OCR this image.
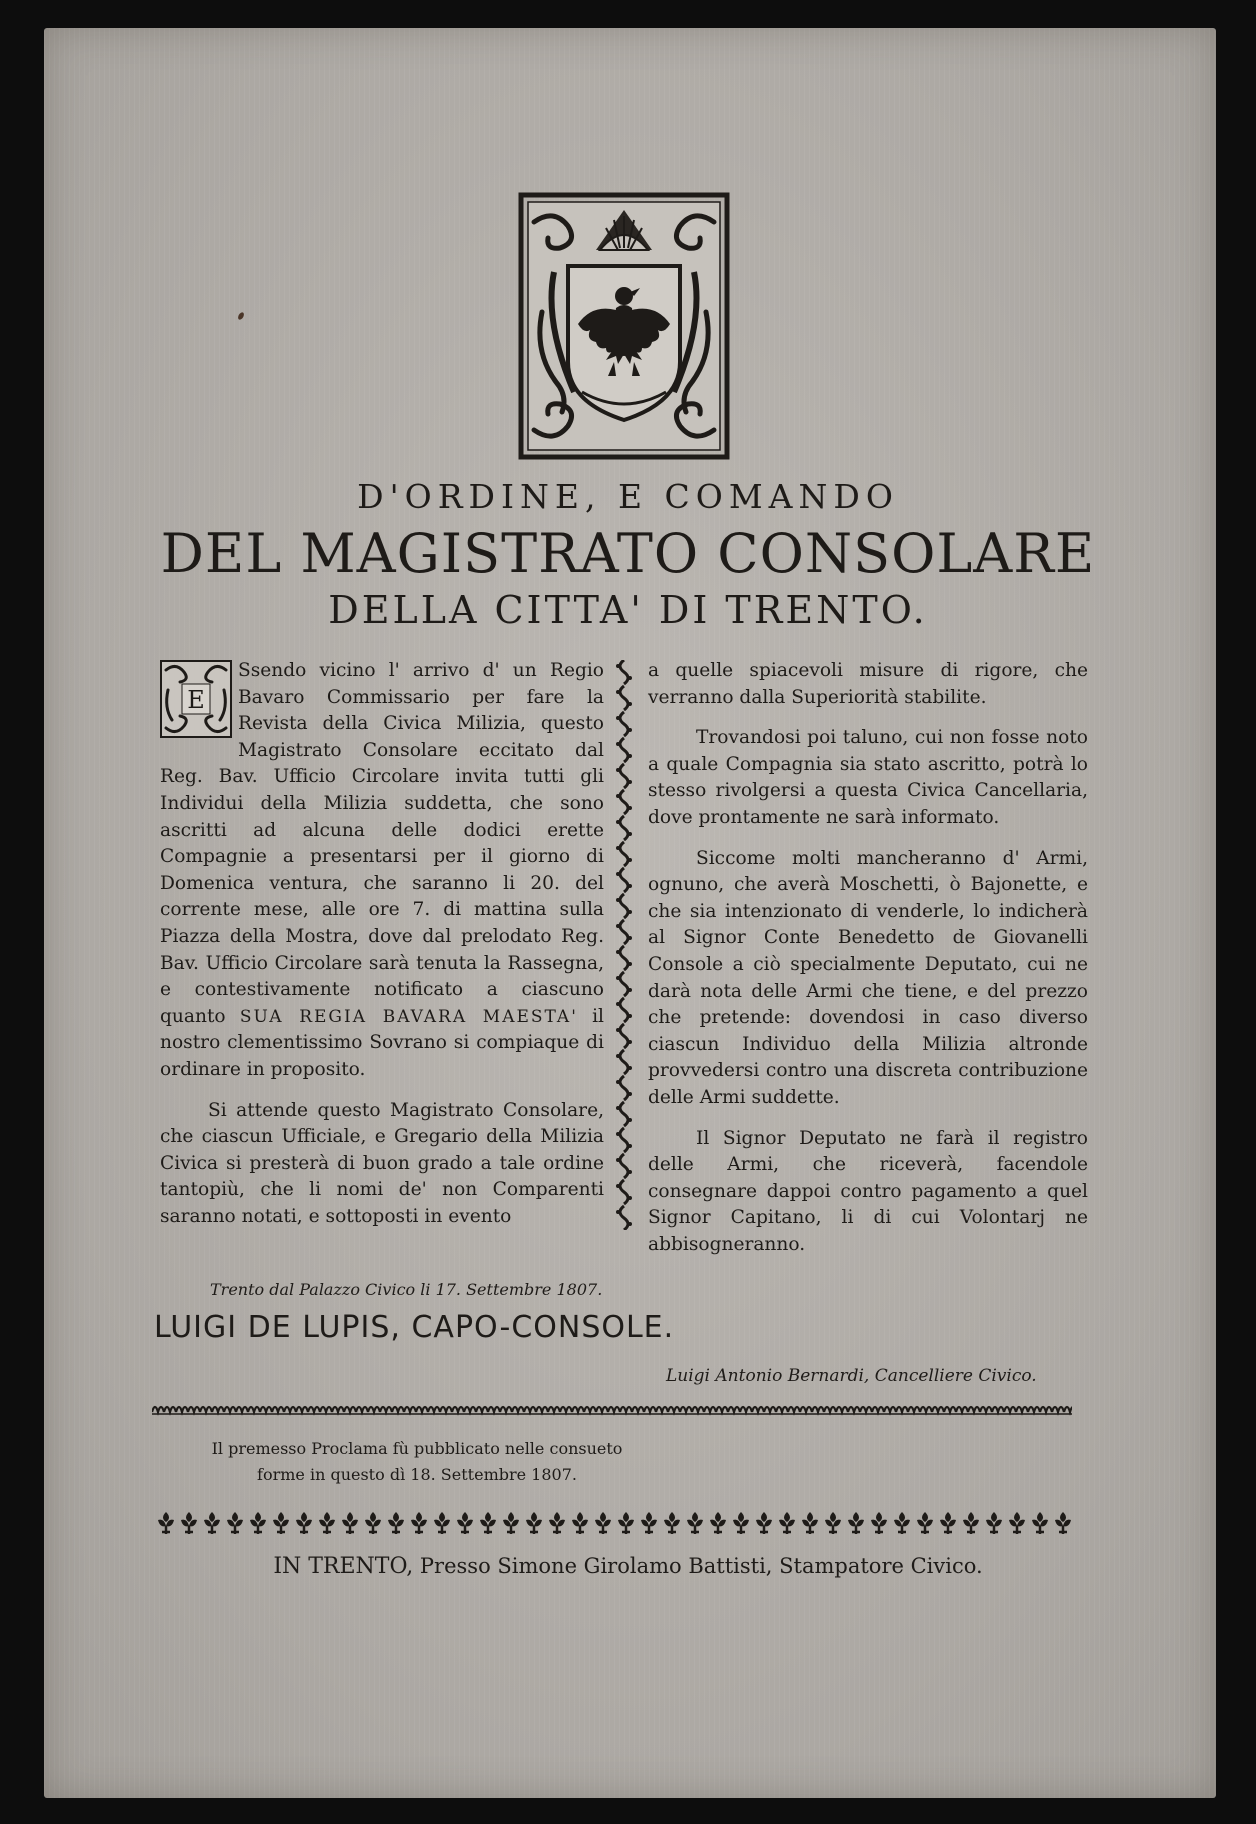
D'ORDINE, E COMANDO
DEL MAGISTRATO CONSOLARE
DELLA CITTA' DI TRENTO.

E
Ssendo vicino l' arrivo d' un Regio Bavaro Commissario per fare la Revista della Civica Milizia, questo Magistrato Consolare eccitato dal Reg. Bav. Ufficio Circolare invita tutti gli Individui della Milizia suddetta, che sono ascritti ad alcuna delle dodici erette Compagnie a presentarsi per il giorno di Domenica ventura, che saranno li 20. del corrente mese, alle ore 7. di mattina sulla Piazza della Mostra, dove dal prelodato Reg. Bav. Ufficio Circolare sarà tenuta la Rassegna, e contestivamente notificato a ciascuno quanto SUA REGIA BAVARA MAESTA' il nostro clementissimo Sovrano si compiaque di ordinare in proposito.

Si attende questo Magistrato Consolare, che ciascun Ufficiale, e Gregario della Milizia Civica si presterà di buon grado a tale ordine tantopiù, che li nomi de' non Comparenti saranno notati, e sottoposti in evento

a quelle spiacevoli misure di rigore, che verranno dalla Superiorità stabilite.

Trovandosi poi taluno, cui non fosse noto a quale Compagnia sia stato ascritto, potrà lo stesso rivolgersi a questa Civica Cancellaria, dove prontamente ne sarà informato.

Siccome molti mancheranno d' Armi, ognuno, che averà Moschetti, ò Bajonette, e che sia intenzionato di venderle, lo indicherà al Signor Conte Benedetto de Giovanelli Console a ciò specialmente Deputato, cui ne darà nota delle Armi che tiene, e del prezzo che pretende: dovendosi in caso diverso ciascun Individuo della Milizia altronde provvedersi contro una discreta contribuzione delle Armi suddette.

Il Signor Deputato ne farà il registro delle Armi, che riceverà, facendole consegnare dappoi contro pagamento a quel Signor Capitano, li di cui Volontarj ne abbisogneranno.

Trento dal Palazzo Civico li 17. Settembre 1807.
LUIGI DE LUPIS, CAPO-CONSOLE.
Luigi Antonio Bernardi, Cancelliere Civico.
Il premesso Proclama fù pubblicato nelle consueto
forme in questo dì 18. Settembre 1807.
IN TRENTO, Presso Simone Girolamo Battisti, Stampatore Civico.
